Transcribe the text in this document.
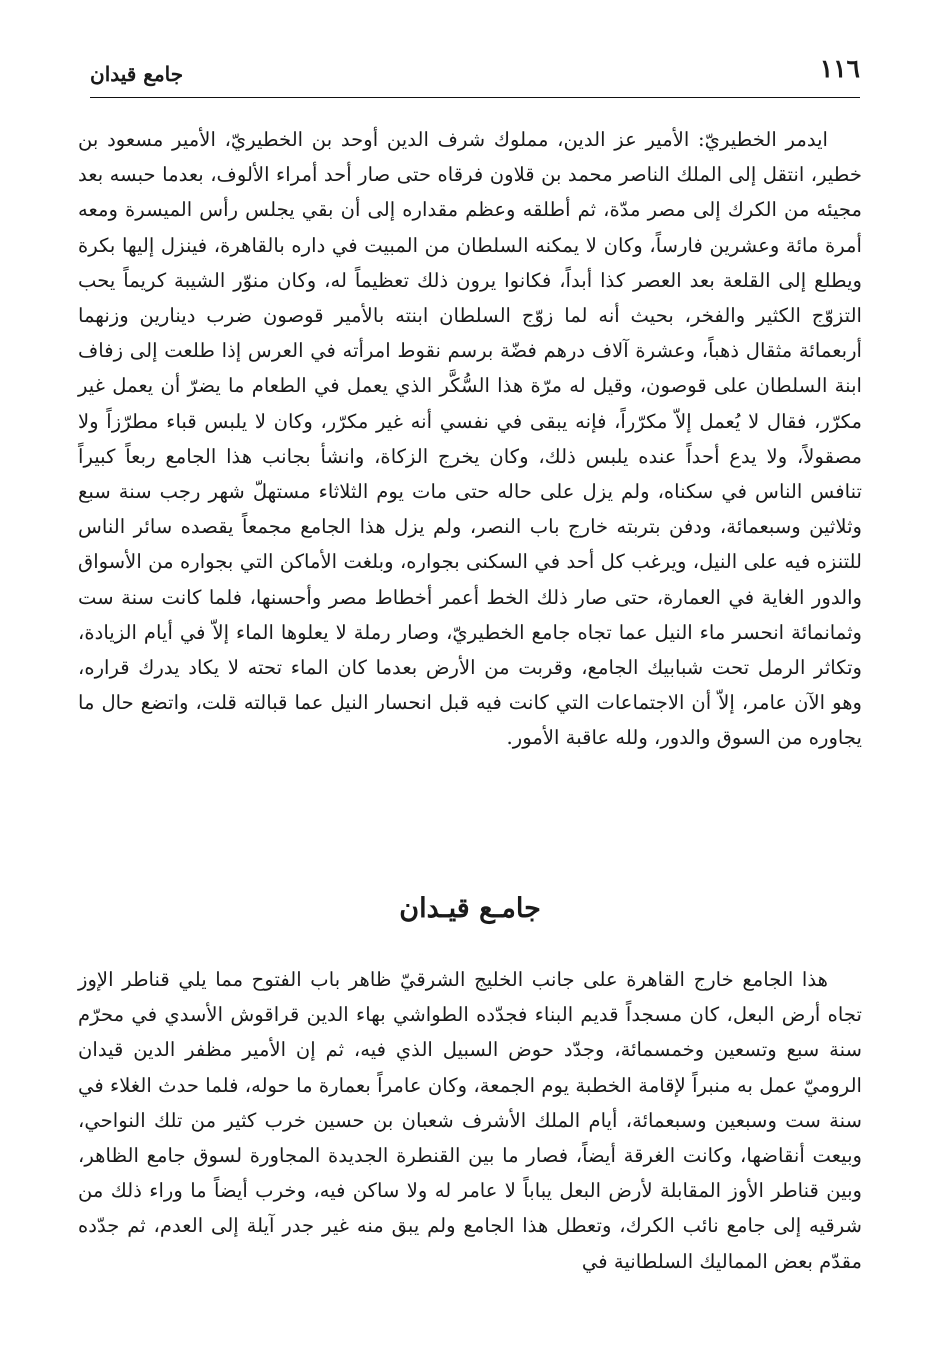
١١٦
جامع قيدان

ايدمر الخطيريّ: الأمير عز الدين، مملوك شرف الدين أوحد بن الخطيريّ، الأمير مسعود بن خطير، انتقل إلى الملك الناصر محمد بن قلاون فرقاه حتى صار أحد أمراء الألوف، بعدما حبسه بعد مجيئه من الكرك إلى مصر مدّة، ثم أطلقه وعظم مقداره إلى أن بقي يجلس رأس الميسرة ومعه أمرة مائة وعشرين فارساً، وكان لا يمكنه السلطان من المبيت في داره بالقاهرة، فينزل إليها بكرة ويطلع إلى القلعة بعد العصر كذا أبداً، فكانوا يرون ذلك تعظيماً له، وكان منوّر الشيبة كريماً يحب التزوّج الكثير والفخر، بحيث أنه لما زوّج السلطان ابنته بالأمير قوصون ضرب دينارين وزنهما أربعمائة مثقال ذهباً، وعشرة آلاف درهم فضّة برسم نقوط امرأته في العرس إذا طلعت إلى زفاف ابنة السلطان على قوصون، وقيل له مرّة هذا السُّكَّر الذي يعمل في الطعام ما يضرّ أن يعمل غير مكرّر، فقال لا يُعمل إلاّ مكرّراً، فإنه يبقى في نفسي أنه غير مكرّر، وكان لا يلبس قباء مطرّزاً ولا مصقولاً، ولا يدع أحداً عنده يلبس ذلك، وكان يخرج الزكاة، وانشأ بجانب هذا الجامع ربعاً كبيراً تنافس الناس في سكناه، ولم يزل على حاله حتى مات يوم الثلاثاء مستهلّ شهر رجب سنة سبع وثلاثين وسبعمائة، ودفن بتربته خارج باب النصر، ولم يزل هذا الجامع مجمعاً يقصده سائر الناس للتنزه فيه على النيل، ويرغب كل أحد في السكنى بجواره، وبلغت الأماكن التي بجواره من الأسواق والدور الغاية في العمارة، حتى صار ذلك الخط أعمر أخطاط مصر وأحسنها، فلما كانت سنة ست وثمانمائة انحسر ماء النيل عما تجاه جامع الخطيريّ، وصار رملة لا يعلوها الماء إلاّ في أيام الزيادة، وتكاثر الرمل تحت شبابيك الجامع، وقربت من الأرض بعدما كان الماء تحته لا يكاد يدرك قراره، وهو الآن عامر، إلاّ أن الاجتماعات التي كانت فيه قبل انحسار النيل عما قبالته قلت، واتضع حال ما يجاوره من السوق والدور، ولله عاقبة الأمور.

جامـع قيـدان

هذا الجامع خارج القاهرة على جانب الخليج الشرقيّ ظاهر باب الفتوح مما يلي قناطر الإوز تجاه أرض البعل، كان مسجداً قديم البناء فجدّده الطواشي بهاء الدين قراقوش الأسدي في محرّم سنة سبع وتسعين وخمسمائة، وجدّد حوض السبيل الذي فيه، ثم إن الأمير مظفر الدين قيدان الروميّ عمل به منبراً لإقامة الخطبة يوم الجمعة، وكان عامراً بعمارة ما حوله، فلما حدث الغلاء في سنة ست وسبعين وسبعمائة، أيام الملك الأشرف شعبان بن حسين خرب كثير من تلك النواحي، وبيعت أنقاضها، وكانت الغرقة أيضاً، فصار ما بين القنطرة الجديدة المجاورة لسوق جامع الظاهر، وبين قناطر الأوز المقابلة لأرض البعل يباباً لا عامر له ولا ساكن فيه، وخرب أيضاً ما وراء ذلك من شرقيه إلى جامع نائب الكرك، وتعطل هذا الجامع ولم يبق منه غير جدر آيلة إلى العدم، ثم جدّده مقدّم بعض المماليك السلطانية في
